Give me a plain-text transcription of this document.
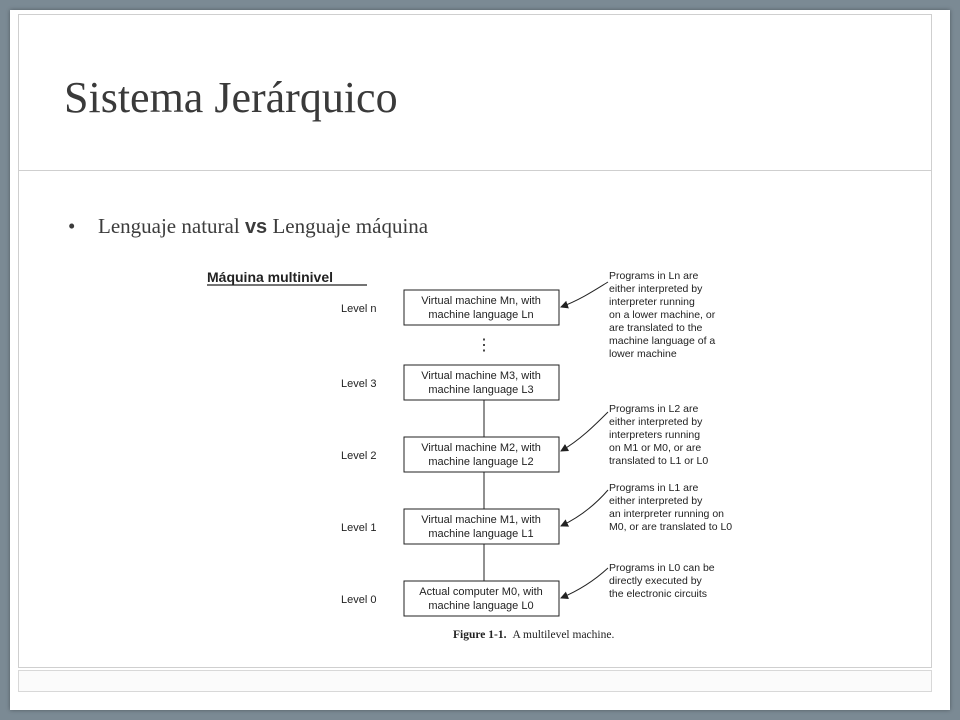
Sistema Jerárquico
• Lenguaje natural vs Lenguaje máquina
Máquina multinivel
⋮
Level n
Virtual machine Mn, with
machine language Ln
Level 3
Virtual machine M3, with
machine language L3
Level 2
Virtual machine M2, with
machine language L2
Level 1
Virtual machine M1, with
machine language L1
Level 0
Actual computer M0, with
machine language L0
Programs in Ln are
either interpreted by
interpreter running
on a lower machine, or
are translated to the
machine language of a
lower machine
Programs in L2 are
either interpreted by
interpreters running
on M1 or M0, or are
translated to L1 or L0
Programs in L1 are
either interpreted by
an interpreter running on
M0, or are translated to L0
Programs in L0 can be
directly executed by
the electronic circuits
Figure 1-1. A multilevel machine.
